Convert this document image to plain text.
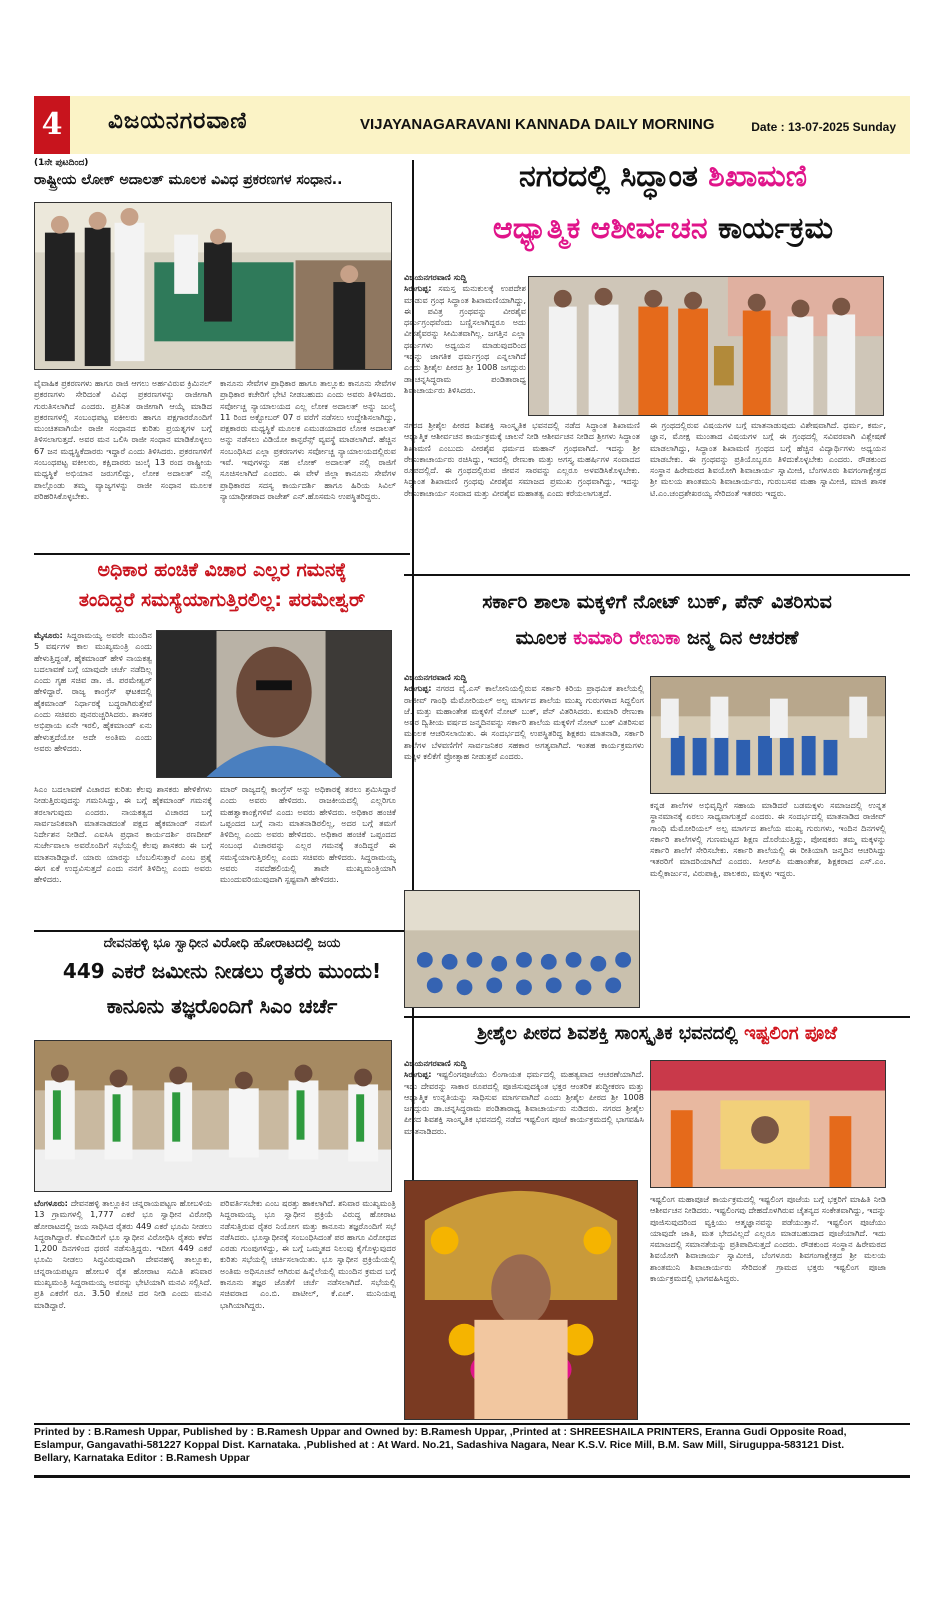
4	ವಿಜಯನಗರವಾಣಿ	VIJAYANAGARAVANI KANNADA DAILY MORNING	Date : 13-07-2025 Sunday
(1ನೇ ಪುಟದಿಂದ)
ರಾಷ್ಟ್ರೀಯ ಲೋಕ್ ಅದಾಲತ್ ಮೂಲಕ ವಿವಿಧ ಪ್ರಕರಣಗಳ ಸಂಧಾನ..
ವೈವಾಹಿಕ ಪ್ರಕರಣಗಳು ಹಾಗೂ ರಾಜಿ ಆಗಲು ಅರ್ಹವಿರುವ ಕ್ರಿಮಿನಲ್ ಪ್ರಕರಣಗಳು ಸೇರಿದಂತೆ ವಿವಿಧ ಪ್ರಕರಣಗಳನ್ನು ರಾಜೀಗಾಗಿ ಗುರುತಿಸಲಾಗಿದೆ ಎಂದರು. ಪ್ರತಿನಿತ ರಾಜೀಗಾಗಿ ಆಯ್ಕೆ ಮಾಡಿದ ಪ್ರಕರಣಗಳಲ್ಲಿ ಸಂಬಂಧಪಟ್ಟ ವಕೀಲರು ಹಾಗೂ ಪಕ್ಷಗಾರರೊಂದಿಗೆ ಮುಂಚಿತವಾಗಿಯೇ ರಾಜೀ ಸಂಧಾನದ ಕುರಿತು ಪ್ರಯತ್ನಗಳ ಬಗ್ಗೆ ತಿಳಿಸಲಾಗುತ್ತದೆ. ಅವರ ಮನ ಒಲಿಸಿ ರಾಜೀ ಸಂಧಾನ ಮಾಡಿಕೊಳ್ಳಲು 67 ಜನ ಮಧ್ಯಸ್ಥಿಕೆದಾರರು ಇದ್ದಾರೆ ಎಂದು ತಿಳಿಸಿದರು. ಪ್ರಕರಣಗಳಿಗೆ ಸಂಬಂಧಪಟ್ಟ ವಕೀಲರು, ಕಕ್ಷಿದಾರರು ಜುಲೈ 13 ರಂದ ರಾಷ್ಟ್ರೀಯ ಮಧ್ಯಸ್ಥಿಕೆ ಅಭಿಯಾನ ಜರುಗಲಿದ್ದು, ಲೋಕ ಅದಾಲತ್ ನಲ್ಲಿ ಪಾಲ್ಗೊಂಡು ತಮ್ಮ ವ್ಯಾಜ್ಯಗಳನ್ನು ರಾಜೀ ಸಂಧಾನ ಮೂಲಕ ಪರಿಹರಿಸಿಕೊಳ್ಳಬೇಕು.
ಕಾನೂನು ಸೇವೆಗಳ ಪ್ರಾಧಿಕಾರ ಹಾಗೂ ತಾಲ್ಲೂಕು ಕಾನೂನು ಸೇವೆಗಳ ಪ್ರಾಧಿಕಾರ ಕಚೇರಿಗೆ ಭೇಟಿ ನೀಡಬಹುದು ಎಂದು ಅವರು ತಿಳಿಸಿದರು. ಸರ್ವೋಚ್ಚ ನ್ಯಾಯಾಲಯದ ಎಲ್ಲ ಲೋಕ ಅದಾಲತ್ ಅನ್ನು ಜುಲೈ 11 ರಿಂದ ಅಕ್ಟೋಬರ್ 07 ರ ವರೆಗೆ ನಡೆಸಲು ಉದ್ದೇಶಿಸಲಾಗಿದ್ದು, ಪಕ್ಷಕಾರರು ಮಧ್ಯಸ್ಥಿಕೆ ಮೂಲಕ ಎಮುಡಯಾದರ ಲೋಕ ಅದಾಲತ್ ಅನ್ನು ನಡೆಸಲು ವಿಡಿಯೋ ಕಾನ್ಫರೆನ್ಸ್ ವ್ಯವಸ್ಥೆ ಮಾಡಲಾಗಿದೆ. ಹೆಚ್ಚಿನ ಸಂಬಂಧಿಸಿದ ಎಲ್ಲಾ ಪ್ರಕರಣಗಳು ಸರ್ವೋಚ್ಚ ನ್ಯಾಯಾಲಯದಲ್ಲಿರುವ ಇವೆ. ಇವುಗಳನ್ನು ಸಹ ಲೋಕ್ ಅದಾಲತ್ ನಲ್ಲಿ ರಾಜಿಗೆ ಸೂಚಿಸಲಾಗಿದೆ ಎಂದರು. ಈ ವೇಳೆ ಜಿಲ್ಲಾ ಕಾನೂನು ಸೇವೆಗಳ ಪ್ರಾಧಿಕಾರದ ಸದಸ್ಯ ಕಾರ್ಯದರ್ಶಿ ಹಾಗೂ ಹಿರಿಯ ಸಿವಿಲ್ ನ್ಯಾಯಾಧೀಶರಾದ ರಾಜೇಶ್ ಎನ್.ಹೊಸಮನಿ ಉಪಸ್ಥಿತರಿದ್ದರು.
ಅಧಿಕಾರ ಹಂಚಿಕೆ ವಿಚಾರ ಎಲ್ಲರ ಗಮನಕ್ಕೆ
ತಂದಿದ್ದರೆ ಸಮಸ್ಯೆಯಾಗುತ್ತಿರಲಿಲ್ಲ: ಪರಮೇಶ್ವರ್
ಮೈಸೂರು: ಸಿದ್ದರಾಮಯ್ಯ ಅವರೇ ಮುಂದಿನ 5 ವರ್ಷಗಳ ಕಾಲ ಮುಖ್ಯಮಂತ್ರಿ ಎಂದು ಹೇಳುತ್ತಿದ್ದಂತೆ, ಹೈಕಮಾಂಡ್ ಹೇಳಿ ನಾಯಕತ್ವ ಬದಲಾವಣೆ ಬಗ್ಗೆ ಯಾವುದೇ ಚರ್ಚೆ ನಡೆದಿಲ್ಲ ಎಂದು ಗೃಹ ಸಚಿವ ಡಾ. ಜಿ. ಪರಮೇಶ್ವರ್ ಹೇಳಿದ್ದಾರೆ. ರಾಜ್ಯ ಕಾಂಗ್ರೆಸ್ ಘಟಕದಲ್ಲಿ ಹೈಕಮಾಂಡ್ ನಿರ್ಧಾರಕ್ಕೆ ಬದ್ಧರಾಗಿರುತ್ತೇವೆ ಎಂದು ಸಚಿವರು ಪುನರುಚ್ಚರಿಸಿದರು. ಶಾಸಕರ ಅಭಿಪ್ರಾಯ ಏನೇ ಇರಲಿ, ಹೈಕಮಾಂಡ್ ಏನು ಹೇಳುತ್ತದೆಯೋ ಅದೇ ಅಂತಿಮ ಎಂದು ಅವರು ಹೇಳಿದರು.
ಸಿಎಂ ಬದಲಾವಣೆ ವಿಚಾರದ ಕುರಿತು ಕೆಲವು ಶಾಸಕರು ಹೇಳಿಕೆಗಳು ನೀಡುತ್ತಿರುವುದನ್ನು ಗಮನಿಸಿದ್ದು, ಈ ಬಗ್ಗೆ ಹೈಕಮಾಂಡ್ ಗಮನಕ್ಕೆ ತರಲಾಗುವುದು ಎಂದರು. ನಾಯಕತ್ವದ ವಿಚಾರದ ಬಗ್ಗೆ ಸಾರ್ವಜನಿಕವಾಗಿ ಮಾತನಾಡದಂತೆ ಪಕ್ಷದ ಹೈಕಮಾಂಡ್ ನಮಗೆ ನಿರ್ದೇಶನ ನೀಡಿದೆ. ಎಐಸಿಸಿ ಪ್ರಧಾನ ಕಾರ್ಯದರ್ಶಿ ರಣದೀಪ್ ಸುರ್ಜೇವಾಲಾ ಅವರೊಂದಿಗೆ ಸಭೆಯಲ್ಲಿ ಕೆಲವು ಶಾಸಕರು ಈ ಬಗ್ಗೆ ಮಾತನಾಡಿದ್ದಾರೆ. ಯಾರು ಯಾರನ್ನು ಬೆಂಬಲಿಸುತ್ತಾರೆ ಎಂಬ ಪ್ರಶ್ನೆ ಈಗ ಏಕೆ ಉದ್ಭವಿಸುತ್ತದೆ ಎಂದು ನನಗೆ ತಿಳಿದಿಲ್ಲ ಎಂದು ಅವರು ಹೇಳಿದರು.
ಮಾರ್ ರಾಜ್ಯದಲ್ಲಿ ಕಾಂಗ್ರೆಸ್ ಅನ್ನು ಅಧಿಕಾರಕ್ಕೆ ತರಲು ಶ್ರಮಿಸಿದ್ದಾರೆ ಎಂದು ಅವರು ಹೇಳಿದರು. ರಾಜಕೀಯದಲ್ಲಿ ಎಲ್ಲರಿಗೂ ಮಹತ್ವಾಕಾಂಕ್ಷೆಗಳಿವೆ ಎಂದು ಅವರು ಹೇಳಿದರು. ಅಧಿಕಾರ ಹಂಚಿಕೆ ಒಪ್ಪಂದದ ಬಗ್ಗೆ ನಾನು ಮಾತನಾಡಿರಲಿಲ್ಲ, ಅದರ ಬಗ್ಗೆ ತಮಗೆ ತಿಳಿದಿಲ್ಲ ಎಂದು ಅವರು ಹೇಳಿದರು. ಅಧಿಕಾರ ಹಂಚಿಕೆ ಒಪ್ಪಂದದ ಸಂಬಂಧ ವಿಚಾರವನ್ನು ಎಲ್ಲರ ಗಮನಕ್ಕೆ ತಂದಿದ್ದರೆ ಈ ಸಮಸ್ಯೆಯಾಗುತ್ತಿರಲಿಲ್ಲ ಎಂದು ಸಚಿವರು ಹೇಳಿದರು. ಸಿದ್ದರಾಮಯ್ಯ ಅವರು ನವದೆಹಲಿಯಲ್ಲಿ ತಾವೇ ಮುಖ್ಯಮಂತ್ರಿಯಾಗಿ ಮುಂದುವರಿಯುವುದಾಗಿ ಸ್ಪಷ್ಟವಾಗಿ ಹೇಳಿದರು.
ದೇವನಹಳ್ಳಿ ಭೂ ಸ್ವಾಧೀನ ವಿರೋಧಿ ಹೋರಾಟದಲ್ಲಿ ಜಯ
449 ಎಕರೆ ಜಮೀನು ನೀಡಲು ರೈತರು ಮುಂದು!
ಕಾನೂನು ತಜ್ಞರೊಂದಿಗೆ ಸಿಎಂ ಚರ್ಚೆ
ಬೆಂಗಳೂರು: ದೇವನಹಳ್ಳಿ ತಾಲ್ಲೂಕಿನ ಚನ್ನರಾಯಪಟ್ಟಣ ಹೋಬಳಿಯ 13 ಗ್ರಾಮಗಳಲ್ಲಿ 1,777 ಎಕರೆ ಭೂ ಸ್ವಾಧೀನ ವಿರೋಧಿ ಹೋರಾಟದಲ್ಲಿ ಜಯ ಸಾಧಿಸಿದ ರೈತರು 449 ಎಕರೆ ಭೂಮಿ ನೀಡಲು ಸಿದ್ಧರಾಗಿದ್ದಾರೆ. ಕೆಐಎಡಿಬಿಗೆ ಭೂ ಸ್ವಾಧೀನ ವಿರೋಧಿಸಿ ರೈತರು ಕಳೆದ 1,200 ದಿನಗಳಿಂದ ಧರಣಿ ನಡೆಸುತ್ತಿದ್ದರು. ಇದೀಗ 449 ಎಕರೆ ಭೂಮಿ ನೀಡಲು ಸಿದ್ಧವಿರುವುದಾಗಿ ದೇವನಹಳ್ಳಿ ತಾಲ್ಲೂಕು, ಚನ್ನರಾಯಪಟ್ಟಣ ಹೋಬಳಿ ರೈತ ಹೋರಾಟ ಸಮಿತಿ ಶನಿವಾರ ಮುಖ್ಯಮಂತ್ರಿ ಸಿದ್ದರಾಮಯ್ಯ ಅವರನ್ನು ಭೇಟಿಯಾಗಿ ಮನವಿ ಸಲ್ಲಿಸಿದೆ. ಪ್ರತಿ ಎಕರೆಗೆ ರೂ. 3.50 ಕೋಟಿ ದರ ನೀಡಿ ಎಂದು ಮನವಿ ಮಾಡಿದ್ದಾರೆ.
ಪರಿವರ್ತಿಸಬೇಕು ಎಂಬ ಷರತ್ತು ಹಾಕಲಾಗಿದೆ. ಶನಿವಾರ ಮುಖ್ಯಮಂತ್ರಿ ಸಿದ್ದರಾಮಯ್ಯ ಭೂ ಸ್ವಾಧೀನ ಪ್ರಕ್ರಿಯೆ ವಿರುದ್ಧ ಹೋರಾಟ ನಡೆಸುತ್ತಿರುವ ರೈತರ ನಿಯೋಗ ಮತ್ತು ಕಾನೂನು ತಜ್ಞರೊಂದಿಗೆ ಸಭೆ ನಡೆಸಿದರು. ಭೂಸ್ವಾಧೀನಕ್ಕೆ ಸಂಬಂಧಿಸಿದಂತೆ ಪರ ಹಾಗೂ ವಿರೋಧದ ಎರಡು ಗುಂಪುಗಳಿದ್ದು, ಈ ಬಗ್ಗೆ ಒಮ್ಮತದ ನಿಲುವು ಕೈಗೊಳ್ಳುವುದರ ಕುರಿತು ಸಭೆಯಲ್ಲಿ ಚರ್ಚಿಸಲಾಯಿತು. ಭೂ ಸ್ವಾಧೀನ ಪ್ರಕ್ರಿಯೆಯಲ್ಲಿ ಅಂತಿಮ ಅಧಿಸೂಚನೆ ಆಗಿರುವ ಹಿನ್ನೆಲೆಯಲ್ಲಿ ಮುಂದಿನ ಕ್ರಮದ ಬಗ್ಗೆ ಕಾನೂನು ತಜ್ಞರ ಜೊತೆಗೆ ಚರ್ಚೆ ನಡೆಸಲಾಗಿದೆ. ಸಭೆಯಲ್ಲಿ ಸಚಿವರಾದ ಎಂ.ಬಿ. ಪಾಟೀಲ್, ಕೆ.ಎಚ್. ಮುನಿಯಪ್ಪ ಭಾಗಿಯಾಗಿದ್ದರು.
ನಗರದಲ್ಲಿ ಸಿದ್ಧಾಂತ ಶಿಖಾಮಣಿ
ಆಧ್ಯಾತ್ಮಿಕ ಆಶೀರ್ವಚನ ಕಾರ್ಯಕ್ರಮ
ವಿಜಯನಗರವಾಣಿ ಸುದ್ದಿ
ಸಿರುಗುಪ್ಪ: ಸಮಸ್ತ ಮನುಕುಲಕ್ಕೆ ಉಪದೇಶ ಮಾಡುವ ಗ್ರಂಥ ಸಿದ್ಧಾಂತ ಶಿಖಾಮಣಿಯಾಗಿದ್ದು, ಈ ಪವಿತ್ರ ಗ್ರಂಥವನ್ನು ವೀರಶೈವ ಧರ್ಮಗ್ರಂಥವೆಂದು ಬಣ್ಣಿಸಲಾಗಿದ್ದರೂ ಅದು ವೀರಶೈವರನ್ನು ಸೀಮಿತವಾಗಿಲ್ಲ. ಜಗತ್ತಿನ ಎಲ್ಲಾ ಧರ್ಮಗಳು ಅಧ್ಯಯನ ಮಾಡುವುದರಿಂದ ಇದನ್ನು ಜಾಗತಿಕ ಧರ್ಮಗ್ರಂಥ ಎನ್ನಲಾಗಿದೆ ಎಂದು ಶ್ರೀಶೈಲ ಪೀಠದ ಶ್ರೀ 1008 ಜಗದ್ಗುರು ಡಾ.ಚನ್ನಸಿದ್ಧರಾಮ ಪಂಡಿತಾರಾಧ್ಯ ಶಿವಾಚಾರ್ಯರು ತಿಳಿಸಿದರು.
ನಗರದ ಶ್ರೀಶೈಲ ಪೀಠದ ಶಿವಶಕ್ತಿ ಸಾಂಸ್ಕೃತಿಕ ಭವನದಲ್ಲಿ ನಡೆದ ಸಿದ್ಧಾಂತ ಶಿಖಾಮಣಿ ಆಧ್ಯಾತ್ಮಿಕ ಆಶೀರ್ವಚನ ಕಾರ್ಯಕ್ರಮಕ್ಕೆ ಚಾಲನೆ ನೀಡಿ ಆಶೀರ್ವಚನ ನೀಡಿದ ಶ್ರೀಗಳು ಸಿದ್ಧಾಂತ ಶಿಖಾಮಣಿ ಎಂಬುದು ವೀರಶೈವ ಧರ್ಮದ ಮಹಾನ್ ಗ್ರಂಥವಾಗಿದೆ. ಇದನ್ನು ಶ್ರೀ ರೇಣುಕಾಚಾರ್ಯರು ರಚಿಸಿದ್ದು, ಇದರಲ್ಲಿ ರೇಣುಕಾ ಮತ್ತು ಅಗಸ್ತ್ಯ ಮಹರ್ಷಿಗಳ ಸಂವಾದದ ರೂಪದಲ್ಲಿದೆ. ಈ ಗ್ರಂಥದಲ್ಲಿರುವ ಜೀವನ ಸಾರವನ್ನು ಎಲ್ಲರೂ ಅಳವಡಿಸಿಕೊಳ್ಳಬೇಕು. ಸಿದ್ಧಾಂತ ಶಿಖಾಮಣಿ ಗ್ರಂಥವು ವೀರಶೈವ ಸಮಾಜದ ಪ್ರಮುಖ ಗ್ರಂಥವಾಗಿದ್ದು, ಇದನ್ನು ರೇಣುಕಾಚಾರ್ಯ ಸಂವಾದ ಮತ್ತು ವೀರಶೈವ ಮಹಾತತ್ವ ಎಂದು ಕರೆಯಲಾಗುತ್ತದೆ.
ಈ ಗ್ರಂಥದಲ್ಲಿರುವ ವಿಷಯಗಳ ಬಗ್ಗೆ ಮಾತನಾಡುವುದು ವಿಶೇಷವಾಗಿದೆ. ಧರ್ಮ, ಕರ್ಮ, ಜ್ಞಾನ, ಮೋಕ್ಷ ಮುಂತಾದ ವಿಷಯಗಳ ಬಗ್ಗೆ ಈ ಗ್ರಂಥದಲ್ಲಿ ಸವಿವರವಾಗಿ ವಿಶ್ಲೇಷಣೆ ಮಾಡಲಾಗಿದ್ದು, ಸಿದ್ಧಾಂತ ಶಿಖಾಮಣಿ ಗ್ರಂಥದ ಬಗ್ಗೆ ಹೆಚ್ಚಿನ ವಿದ್ಯಾರ್ಥಿಗಳು ಅಧ್ಯಯನ ಮಾಡಬೇಕು. ಈ ಗ್ರಂಥವನ್ನು ಪ್ರತಿಯೊಬ್ಬರೂ ತಿಳಿದುಕೊಳ್ಳಬೇಕು ಎಂದರು. ರೌಡಕುಂದ ಸಂಸ್ಥಾನ ಹಿರೇಮಠದ ಶಿವಯೋಗಿ ಶಿವಾಚಾರ್ಯ ಸ್ವಾಮೀಜಿ, ಬೆಂಗಳೂರು ಶಿವಗಂಗಾಕ್ಷೇತ್ರದ ಶ್ರೀ ಮಲಯ ಶಾಂತಮುನಿ ಶಿವಾಚಾರ್ಯರು, ಗುರುಬಸವ ಮಹಾ ಸ್ವಾಮೀಜಿ, ಮಾಜಿ ಶಾಸಕ ಟಿ.ಎಂ.ಚಂದ್ರಶೇಖರಯ್ಯ ಸೇರಿದಂತೆ ಇತರರು ಇದ್ದರು.
ಸರ್ಕಾರಿ ಶಾಲಾ ಮಕ್ಕಳಿಗೆ ನೋಟ್ ಬುಕ್, ಪೆನ್ ವಿತರಿಸುವ
ಮೂಲಕ ಕುಮಾರಿ ರೇಣುಕಾ ಜನ್ಮ ದಿನ ಆಚರಣೆ
ವಿಜಯನಗರವಾಣಿ ಸುದ್ದಿ
ಸಿರುಗುಪ್ಪ: ನಗರದ ವೈ.ಎಸ್ ಕಾಲೋನಿಯಲ್ಲಿರುವ ಸರ್ಕಾರಿ ಕಿರಿಯ ಪ್ರಾಥಮಿಕ ಶಾಲೆಯಲ್ಲಿ ರಾಜೀವ್ ಗಾಂಧಿ ಮೆಮೋರಿಯಲ್ ಅಲ್ಪ ಮಾರ್ಗದ ಶಾಲೆಯ ಮುಖ್ಯ ಗುರುಗಳಾದ ಸಿದ್ದಲಿಂಗ ಜೆ. ಮತ್ತು ಮಹಾಂತೇಶ ಮಕ್ಕಳಿಗೆ ನೋಟ್ ಬುಕ್, ಪೆನ್ ವಿತರಿಸಿದರು. ಕುಮಾರಿ ರೇಣುಕಾ ಅವರ ದ್ವಿತೀಯ ವರ್ಷದ ಜನ್ಮದಿನವನ್ನು ಸರ್ಕಾರಿ ಶಾಲೆಯ ಮಕ್ಕಳಿಗೆ ನೋಟ್ ಬುಕ್ ವಿತರಿಸುವ ಮೂಲಕ ಆಚರಿಸಲಾಯಿತು. ಈ ಸಂದರ್ಭದಲ್ಲಿ ಉಪಸ್ಥಿತರಿದ್ದ ಶಿಕ್ಷಕರು ಮಾತನಾಡಿ, ಸರ್ಕಾರಿ ಶಾಲೆಗಳ ಬೆಳವಣಿಗೆಗೆ ಸಾರ್ವಜನಿಕರ ಸಹಕಾರ ಅಗತ್ಯವಾಗಿದೆ. ಇಂತಹ ಕಾರ್ಯಕ್ರಮಗಳು ಮಕ್ಕಳ ಕಲಿಕೆಗೆ ಪ್ರೋತ್ಸಾಹ ನೀಡುತ್ತವೆ ಎಂದರು.
ಕನ್ನಡ ಶಾಲೆಗಳ ಅಭಿವೃದ್ಧಿಗೆ ಸಹಾಯ ಮಾಡಿದರೆ ಬಡಮಕ್ಕಳು ಸಮಾಜದಲ್ಲಿ ಉನ್ನತ ಸ್ಥಾನಮಾನಕ್ಕೆ ಏರಲು ಸಾಧ್ಯವಾಗುತ್ತದೆ ಎಂದರು. ಈ ಸಂದರ್ಭದಲ್ಲಿ ಮಾತನಾಡಿದ ರಾಜೀವ್ ಗಾಂಧಿ ಮೆಮೋರಿಯಲ್ ಅಲ್ಪ ಮಾರ್ಗದ ಶಾಲೆಯ ಮುಖ್ಯ ಗುರುಗಳು, ಇಂದಿನ ದಿನಗಳಲ್ಲಿ ಸರ್ಕಾರಿ ಶಾಲೆಗಳಲ್ಲಿ ಗುಣಮಟ್ಟದ ಶಿಕ್ಷಣ ದೊರೆಯುತ್ತಿದ್ದು, ಪೋಷಕರು ತಮ್ಮ ಮಕ್ಕಳನ್ನು ಸರ್ಕಾರಿ ಶಾಲೆಗೆ ಸೇರಿಸಬೇಕು. ಸರ್ಕಾರಿ ಶಾಲೆಯಲ್ಲಿ ಈ ರೀತಿಯಾಗಿ ಜನ್ಮದಿನ ಆಚರಿಸಿದ್ದು ಇತರರಿಗೆ ಮಾದರಿಯಾಗಿದೆ ಎಂದರು. ಸಿಆರ್‌ಪಿ ಮಹಾಂತೇಶ, ಶಿಕ್ಷಕರಾದ ಎಸ್.ಎಂ. ಮಲ್ಲಿಕಾರ್ಜುನ, ವಿರುಪಾಕ್ಷಿ, ಪಾಲಕರು, ಮಕ್ಕಳು ಇದ್ದರು.
ಶ್ರೀಶೈಲ ಪೀಠದ ಶಿವಶಕ್ತಿ ಸಾಂಸ್ಕೃತಿಕ ಭವನದಲ್ಲಿ ಇಷ್ಟಲಿಂಗ ಪೂಜೆ
ವಿಜಯನಗರವಾಣಿ ಸುದ್ದಿ
ಸಿರುಗುಪ್ಪ: ಇಷ್ಟಲಿಂಗಪೂಜೆಯು ಲಿಂಗಾಯತ ಧರ್ಮದಲ್ಲಿ ಮಹತ್ವವಾದ ಆಚರಣೆಯಾಗಿದೆ. ಇದು ದೇವರನ್ನು ಸಾಕಾರ ರೂಪದಲ್ಲಿ ಪೂಜಿಸುವುದಕ್ಕಿಂತ ಭಕ್ತರ ಆಂತರಿಕ ಶುದ್ಧೀಕರಣ ಮತ್ತು ಆಧ್ಯಾತ್ಮಿಕ ಉನ್ನತಿಯನ್ನು ಸಾಧಿಸುವ ಮಾರ್ಗವಾಗಿದೆ ಎಂದು ಶ್ರೀಶೈಲ ಪೀಠದ ಶ್ರೀ 1008 ಜಗದ್ಗುರು ಡಾ.ಚನ್ನಸಿದ್ಧರಾಮ ಪಂಡಿತಾರಾಧ್ಯ ಶಿವಾಚಾರ್ಯರು ನುಡಿದರು. ನಗರದ ಶ್ರೀಶೈಲ ಪೀಠದ ಶಿವಶಕ್ತಿ ಸಾಂಸ್ಕೃತಿಕ ಭವನದಲ್ಲಿ ನಡೆದ ಇಷ್ಟಲಿಂಗ ಪೂಜೆ ಕಾರ್ಯಕ್ರಮದಲ್ಲಿ ಭಾಗವಹಿಸಿ ಮಾತನಾಡಿದರು.
ಇಷ್ಟಲಿಂಗ ಮಹಾಪೂಜೆ ಕಾರ್ಯಕ್ರಮದಲ್ಲಿ ಇಷ್ಟಲಿಂಗ ಪೂಜೆಯ ಬಗ್ಗೆ ಭಕ್ತರಿಗೆ ಮಾಹಿತಿ ನೀಡಿ ಆಶೀರ್ವಚನ ನೀಡಿದರು. ಇಷ್ಟಲಿಂಗವು ದೇಹದೊಳಗಿರುವ ಚೈತನ್ಯದ ಸಂಕೇತವಾಗಿದ್ದು, ಇದನ್ನು ಪೂಜಿಸುವುದರಿಂದ ವ್ಯಕ್ತಿಯು ಆತ್ಮಜ್ಞಾನವನ್ನು ಪಡೆಯುತ್ತಾನೆ. ಇಷ್ಟಲಿಂಗ ಪೂಜೆಯು ಯಾವುದೇ ಜಾತಿ, ಮತ ಭೇದವಿಲ್ಲದೆ ಎಲ್ಲರೂ ಮಾಡಬಹುದಾದ ಪೂಜೆಯಾಗಿದೆ. ಇದು ಸಮಾಜದಲ್ಲಿ ಸಮಾನತೆಯನ್ನು ಪ್ರತಿಪಾದಿಸುತ್ತದೆ ಎಂದರು. ರೌಡಕುಂದ ಸಂಸ್ಥಾನ ಹಿರೇಮಠದ ಶಿವಯೋಗಿ ಶಿವಾಚಾರ್ಯ ಸ್ವಾಮೀಜಿ, ಬೆಂಗಳೂರು ಶಿವಗಂಗಾಕ್ಷೇತ್ರದ ಶ್ರೀ ಮಲಯ ಶಾಂತಮುನಿ ಶಿವಾಚಾರ್ಯರು ಸೇರಿದಂತೆ ಗ್ರಾಮದ ಭಕ್ತರು ಇಷ್ಟಲಿಂಗ ಪೂಜಾ ಕಾರ್ಯಕ್ರಮದಲ್ಲಿ ಭಾಗವಹಿಸಿದ್ದರು.
Printed by : B.Ramesh Uppar, Published by : B.Ramesh Uppar and Owned by: B.Ramesh Uppar, ,Printed at : SHREESHAILA PRINTERS, Eranna Gudi Opposite Road,
Eslampur, Gangavathi-581227 Koppal Dist. Karnataka. ,Published at : At Ward. No.21, Sadashiva Nagara, Near K.S.V. Rice Mill, B.M. Saw Mill, Siruguppa-583121 Dist.
Bellary, Karnataka Editor : B.Ramesh Uppar
